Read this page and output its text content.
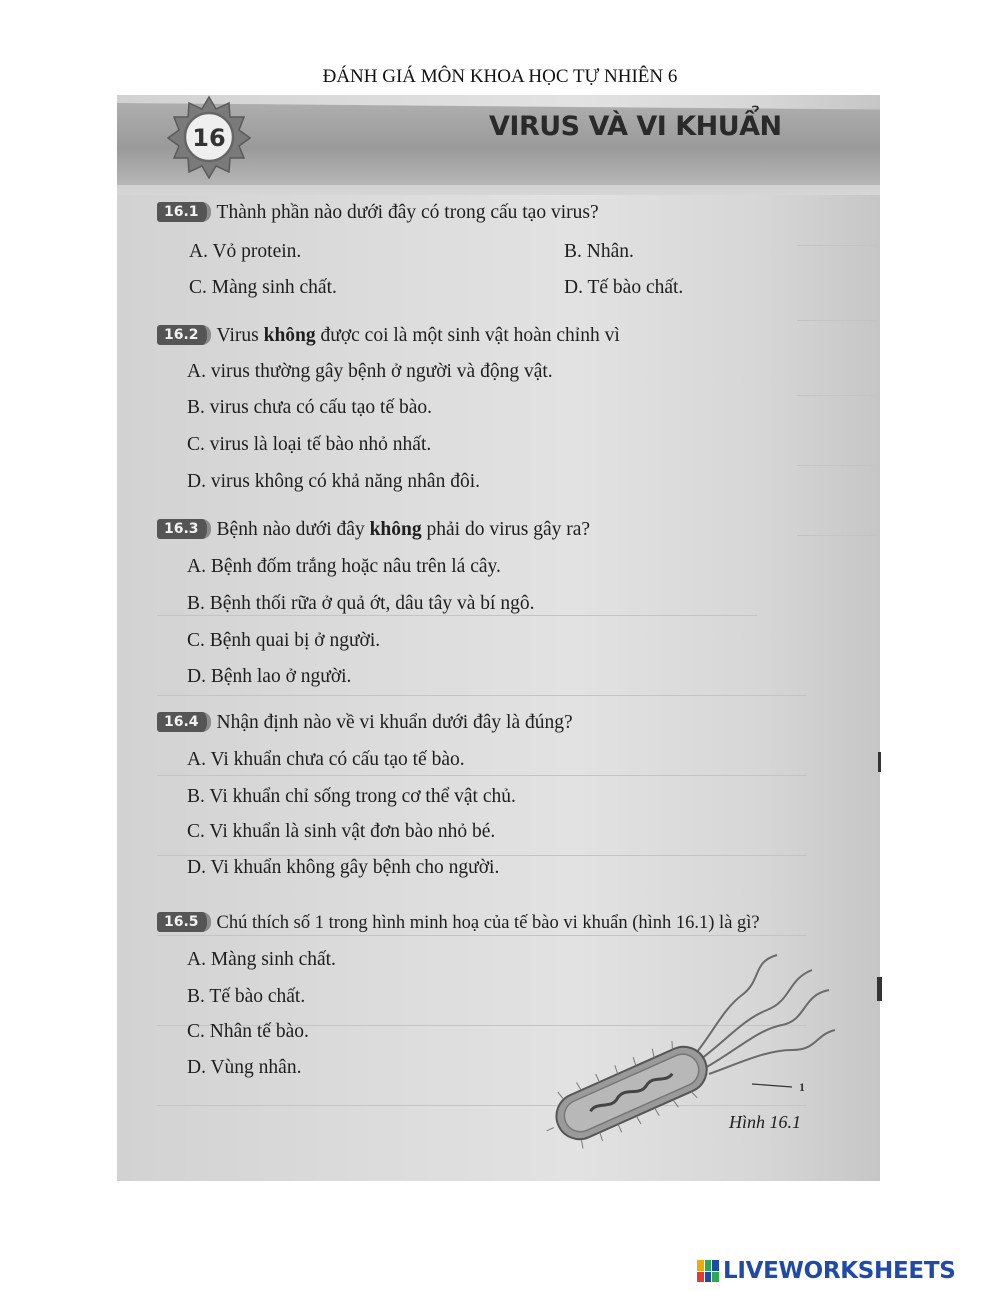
ĐÁNH GIÁ MÔN KHOA HỌC TỰ NHIÊN 6
16	VIRUS VÀ VI KHUẨN
16.1 Thành phần nào dưới đây có trong cấu tạo virus?
A. Vỏ protein.	B. Nhân.
C. Màng sinh chất.	D. Tế bào chất.
16.2 Virus không được coi là một sinh vật hoàn chỉnh vì
A. virus thường gây bệnh ở người và động vật.
B. virus chưa có cấu tạo tế bào.
C. virus là loại tế bào nhỏ nhất.
D. virus không có khả năng nhân đôi.
16.3 Bệnh nào dưới đây không phải do virus gây ra?
A. Bệnh đốm trắng hoặc nâu trên lá cây.
B. Bệnh thối rữa ở quả ớt, dâu tây và bí ngô.
C. Bệnh quai bị ở người.
D. Bệnh lao ở người.
16.4 Nhận định nào về vi khuẩn dưới đây là đúng?
A. Vi khuẩn chưa có cấu tạo tế bào.
B. Vi khuẩn chỉ sống trong cơ thể vật chủ.
C. Vi khuẩn là sinh vật đơn bào nhỏ bé.
D. Vi khuẩn không gây bệnh cho người.
16.5 Chú thích số 1 trong hình minh hoạ của tế bào vi khuẩn (hình 16.1) là gì?
A. Màng sinh chất.
B. Tế bào chất.
C. Nhân tế bào.
D. Vùng nhân.
1
Hình 16.1
LIVEWORKSHEETS
